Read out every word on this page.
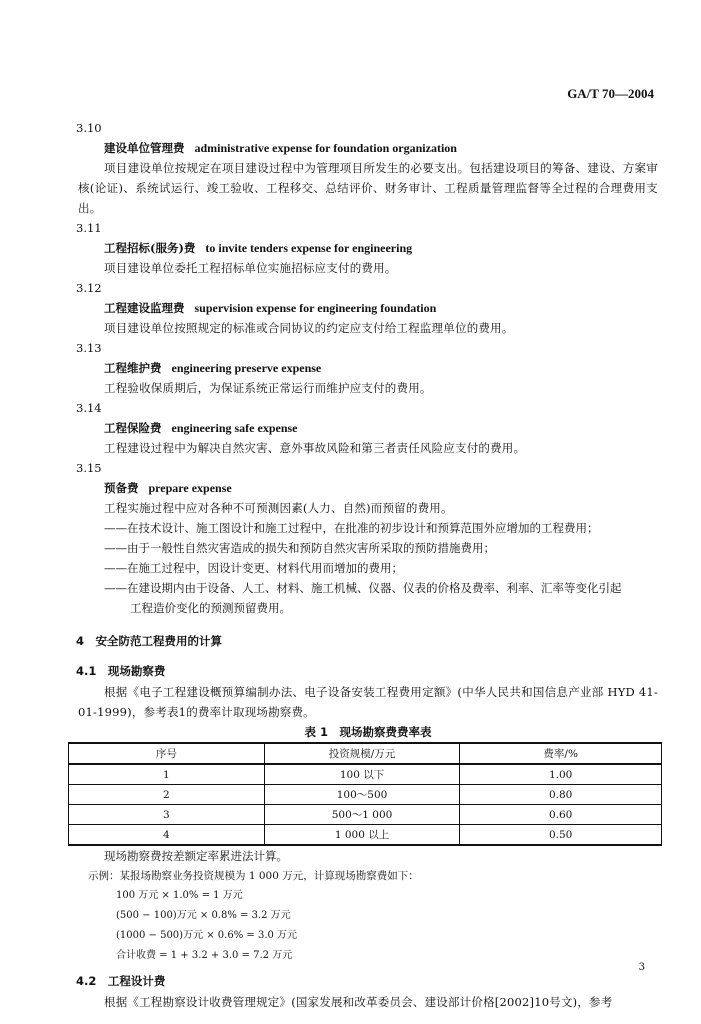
GA/T 70—2004
3.10
建设单位管理费 administrative expense for foundation organization
项目建设单位按规定在项目建设过程中为管理项目所发生的必要支出。包括建设项目的筹备、建设、方案审核(论证)、系统试运行、竣工验收、工程移交、总结评价、财务审计、工程质量管理监督等全过程的合理费用支出。
3.11
工程招标(服务)费 to invite tenders expense for engineering
项目建设单位委托工程招标单位实施招标应支付的费用。
3.12
工程建设监理费 supervision expense for engineering foundation
项目建设单位按照规定的标准或合同协议的约定应支付给工程监理单位的费用。
3.13
工程维护费 engineering preserve expense
工程验收保质期后，为保证系统正常运行而维护应支付的费用。
3.14
工程保险费 engineering safe expense
工程建设过程中为解决自然灾害、意外事故风险和第三者责任风险应支付的费用。
3.15
预备费 prepare expense
工程实施过程中应对各种不可预测因素(人力、自然)而预留的费用。
——在技术设计、施工图设计和施工过程中，在批准的初步设计和预算范围外应增加的工程费用；
——由于一般性自然灾害造成的损失和预防自然灾害所采取的预防措施费用；
——在施工过程中，因设计变更、材料代用而增加的费用；
——在建设期内由于设备、人工、材料、施工机械、仪器、仪表的价格及费率、利率、汇率等变化引起
工程造价变化的预测预留费用。
4　安全防范工程费用的计算
4.1　现场勘察费
根据《电子工程建设概预算编制办法、电子设备安装工程费用定额》(中华人民共和国信息产业部 HYD 41-01-1999)，参考表1的费率计取现场勘察费。
表 1　现场勘察费费率表
序号	投资规模/万元	费率/%
1	100 以下	1.00
2	100～500	0.80
3	500～1 000	0.60
4	1 000 以上	0.50
现场勘察费按差额定率累进法计算。
示例：某报场勘察业务投资规模为 1 000 万元，计算现场勘察费如下：
100 万元 × 1.0% = 1 万元
(500 − 100)万元 × 0.8% = 3.2 万元
(1000 − 500)万元 × 0.6% = 3.0 万元
合计收费 = 1 + 3.2 + 3.0 = 7.2 万元
4.2　工程设计费
根据《工程勘察设计收费管理规定》(国家发展和改革委员会、建设部计价格[2002]10号文)，参考
3
